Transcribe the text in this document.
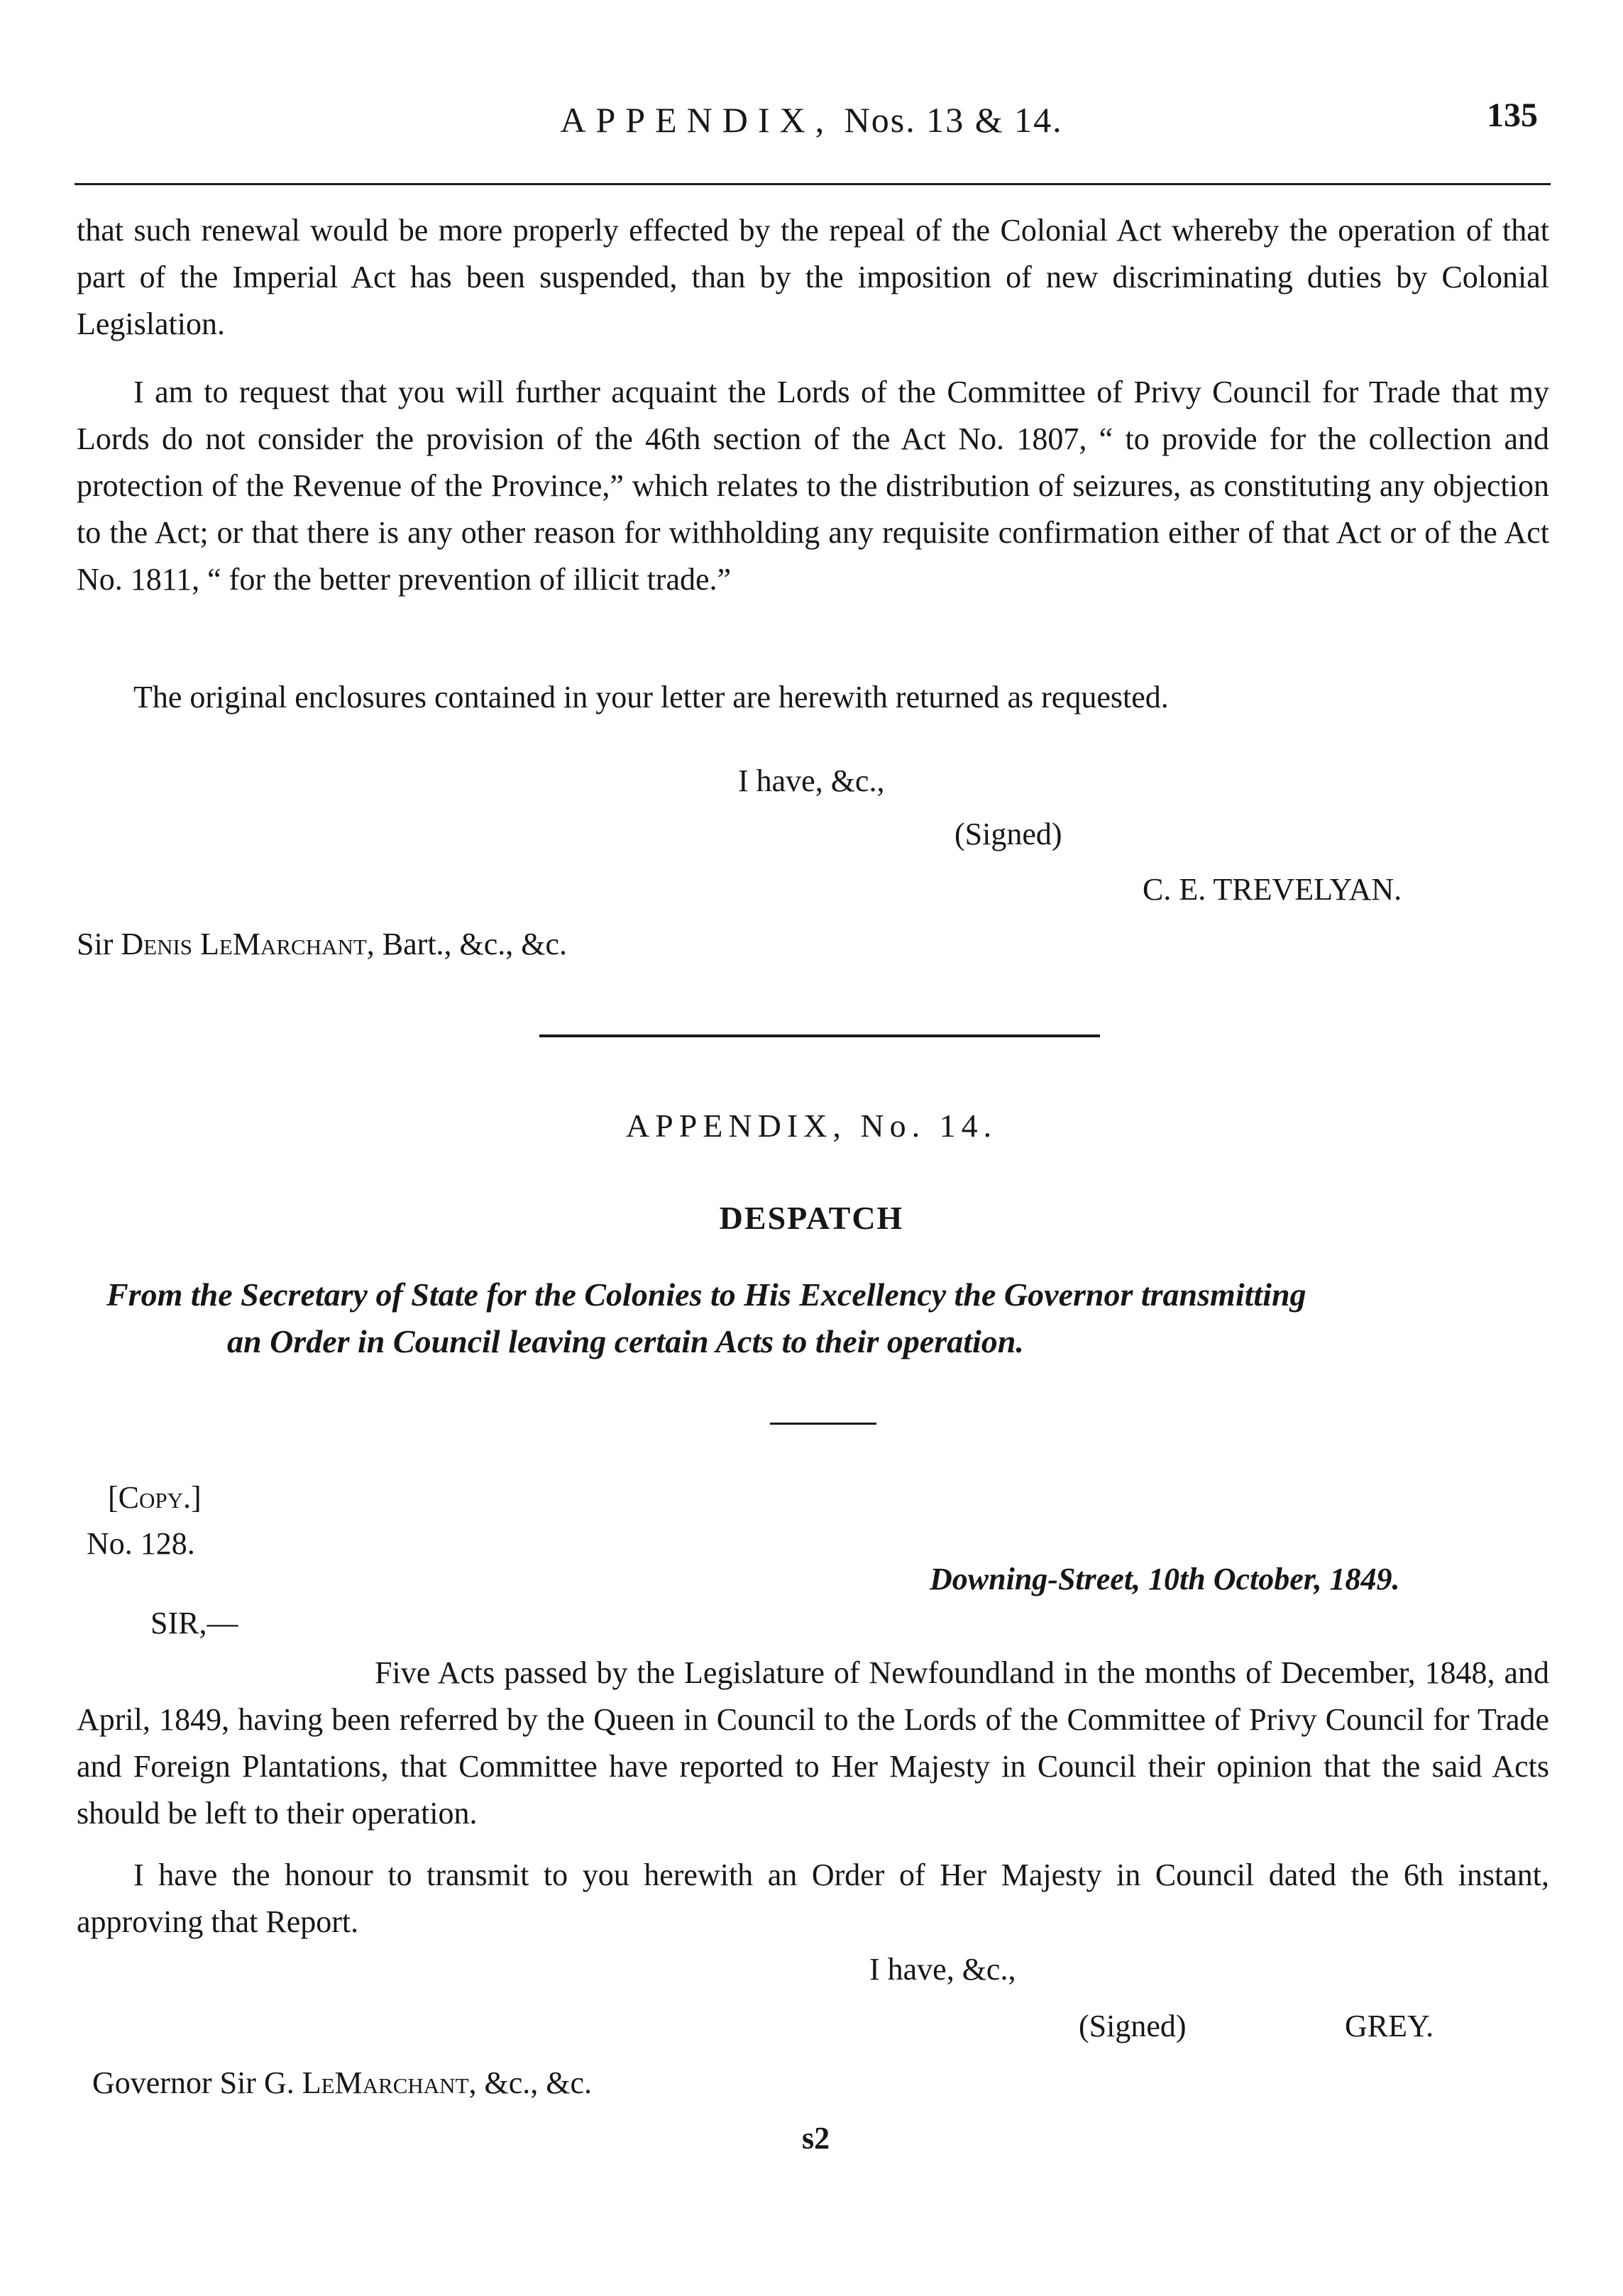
APPENDIX, Nos. 13 & 14.	135
that such renewal would be more properly effected by the repeal of the Colonial Act whereby the operation of that part of the Imperial Act has been suspended, than by the imposition of new discriminating duties by Colonial Legislation.
I am to request that you will further acquaint the Lords of the Committee of Privy Council for Trade that my Lords do not consider the provision of the 46th section of the Act No. 1807, “ to provide for the collection and protection of the Revenue of the Province,” which relates to the distribution of seizures, as constituting any objection to the Act; or that there is any other reason for withholding any requisite confirmation either of that Act or of the Act No. 1811, “ for the better prevention of illicit trade.”
The original enclosures contained in your letter are herewith returned as requested.
I have, &c.,
(Signed)
C. E. TREVELYAN.
Sir Denis LeMarchant, Bart., &c., &c.
APPENDIX, No. 14.
DESPATCH
From the Secretary of State for the Colonies to His Excellency the Governor transmitting
an Order in Council leaving certain Acts to their operation.
[Copy.]
No. 128.
Downing-Street, 10th October, 1849.
SIR,—
Five Acts passed by the Legislature of Newfoundland in the months of December, 1848, and April, 1849, having been referred by the Queen in Council to the Lords of the Committee of Privy Council for Trade and Foreign Plantations, that Committee have reported to Her Majesty in Council their opinion that the said Acts should be left to their operation.
I have the honour to transmit to you herewith an Order of Her Majesty in Council dated the 6th instant, approving that Report.
I have, &c.,
(Signed)	GREY.
Governor Sir G. LeMarchant, &c., &c.
s2
